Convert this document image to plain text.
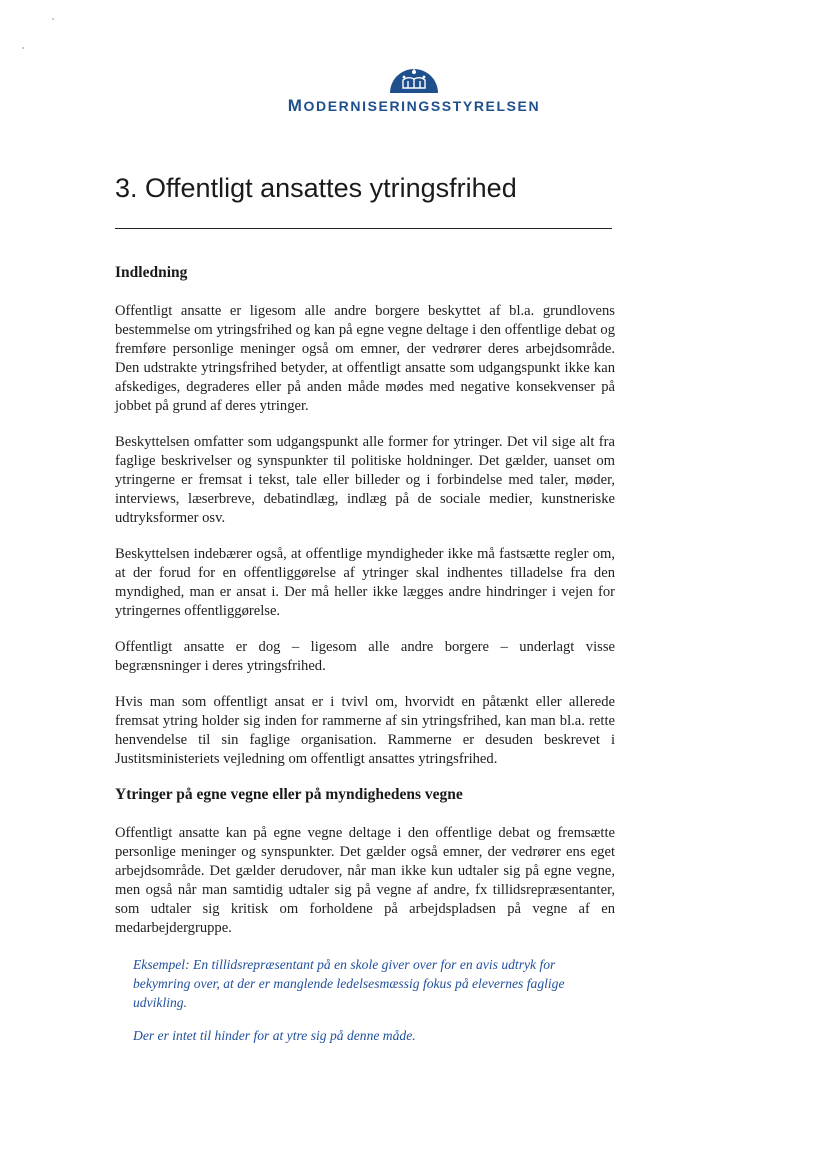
MODERNISERINGSSTYRELSEN
3. Offentligt ansattes ytringsfrihed
Indledning

Offentligt ansatte er ligesom alle andre borgere beskyttet af bl.a. grundlovens bestemmelse om ytringsfrihed og kan på egne vegne deltage i den offentlige debat og fremføre personlige meninger også om emner, der vedrører deres arbejdsområde. Den udstrakte ytringsfrihed betyder, at offentligt ansatte som udgangspunkt ikke kan afskediges, degraderes eller på anden måde mødes med negative konsekvenser på jobbet på grund af deres ytringer.

Beskyttelsen omfatter som udgangspunkt alle former for ytringer. Det vil sige alt fra faglige beskrivelser og synspunkter til politiske holdninger. Det gælder, uanset om ytringerne er fremsat i tekst, tale eller billeder og i forbindelse med taler, møder, interviews, læserbreve, debatindlæg, indlæg på de sociale medier, kunstneriske udtryksformer osv.

Beskyttelsen indebærer også, at offentlige myndigheder ikke må fastsætte regler om, at der forud for en offentliggørelse af ytringer skal indhentes tilladelse fra den myndighed, man er ansat i. Der må heller ikke lægges andre hindringer i vejen for ytringernes offentliggørelse.

Offentligt ansatte er dog – ligesom alle andre borgere – underlagt visse begrænsninger i deres ytringsfrihed.

Hvis man som offentligt ansat er i tvivl om, hvorvidt en påtænkt eller allerede fremsat ytring holder sig inden for rammerne af sin ytringsfrihed, kan man bl.a. rette henvendelse til sin faglige organisation. Rammerne er desuden beskrevet i Justitsministeriets vejledning om offentligt ansattes ytringsfrihed.

Ytringer på egne vegne eller på myndighedens vegne

Offentligt ansatte kan på egne vegne deltage i den offentlige debat og fremsætte personlige meninger og synspunkter. Det gælder også emner, der vedrører ens eget arbejdsområde. Det gælder derudover, når man ikke kun udtaler sig på egne vegne, men også når man samtidig udtaler sig på vegne af andre, fx tillidsrepræsentanter, som udtaler sig kritisk om forholdene på arbejdspladsen på vegne af en medarbejdergruppe.

Eksempel: En tillidsrepræsentant på en skole giver over for en avis udtryk for bekymring over, at der er manglende ledelsesmæssig fokus på elevernes faglige udvikling.

Der er intet til hinder for at ytre sig på denne måde.
